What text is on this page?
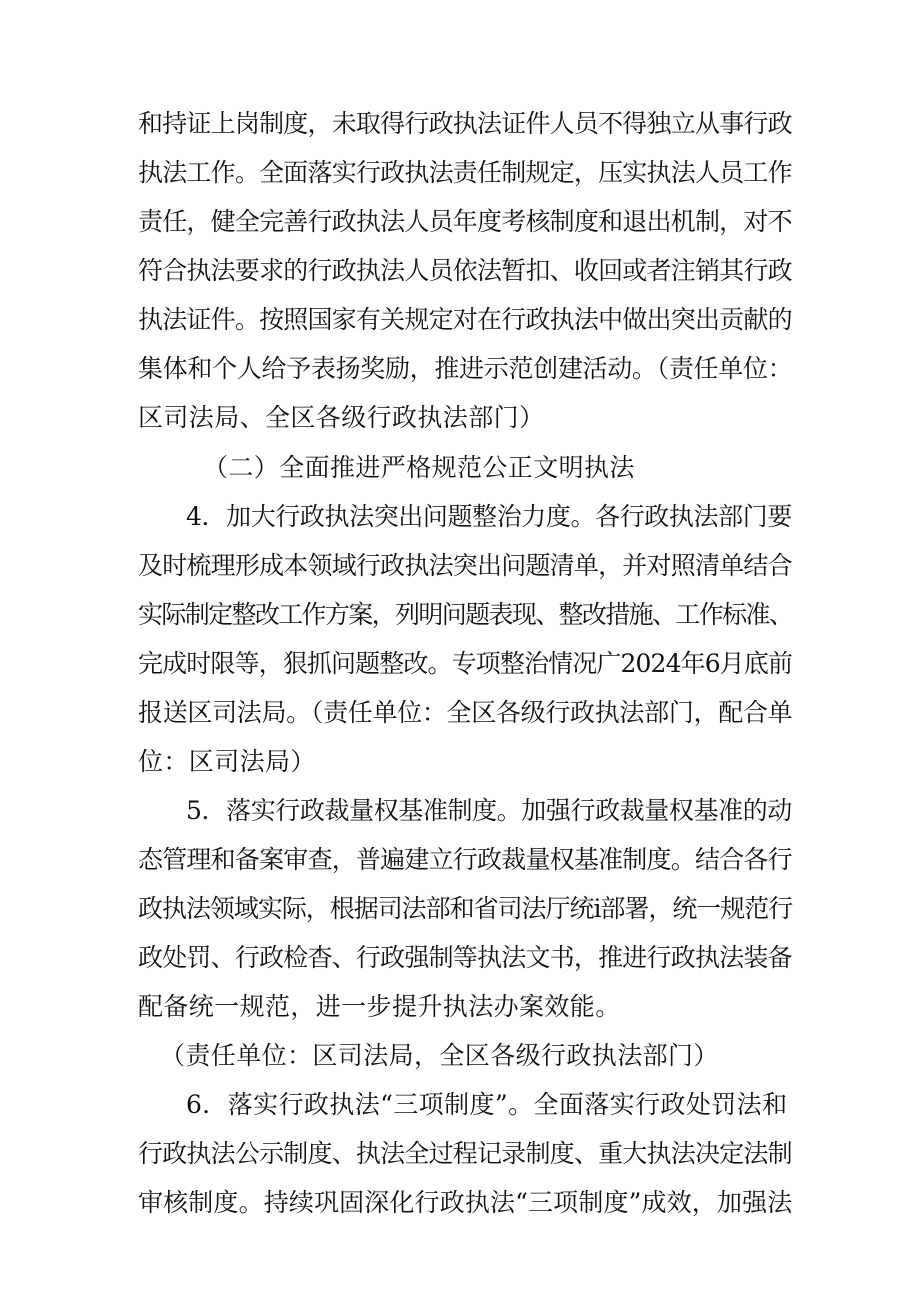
和持证上岗制度，未取得行政执法证件人员不得独立从事行政
执法工作。全面落实行政执法责任制规定，压实执法人员工作
责任，健全完善行政执法人员年度考核制度和退出机制，对不
符合执法要求的行政执法人员依法暂扣、收回或者注销其行政
执法证件。按照国家有关规定对在行政执法中做出突出贡献的
集体和个人给予表扬奖励，推进示范创建活动。（责任单位：
区司法局、全区各级行政执法部门）
（二）全面推进严格规范公正文明执法
4．加大行政执法突出问题整治力度。各行政执法部门要
及时梳理形成本领域行政执法突出问题清单，并对照清单结合
实际制定整改工作方案，列明问题表现、整改措施、工作标准、
完成时限等，狠抓问题整改。专项整治情况广2024年6月底前
报送区司法局。（责任单位：全区各级行政执法部门，配合单
位：区司法局）
5．落实行政裁量权基准制度。加强行政裁量权基准的动
态管理和备案审查，普遍建立行政裁量权基准制度。结合各行
政执法领域实际，根据司法部和省司法厅统i部署，统一规范行
政处罚、行政检杳、行政强制等执法文书，推进行政执法装备
配备统一规范，进一步提升执法办案效能。
（责任单位：区司法局，全区各级行政执法部门）
6．落实行政执法“三项制度”。全面落实行政处罚法和
行政执法公示制度、执法全过程记录制度、重大执法决定法制
审核制度。持续巩固深化行政执法“三项制度”成效，加强法
